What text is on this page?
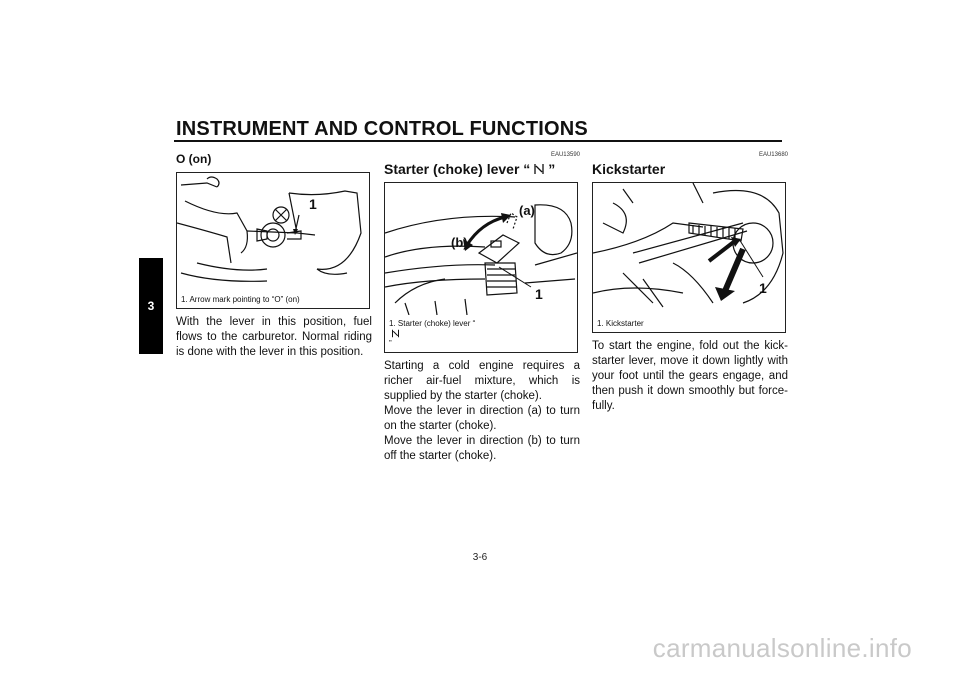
INSTRUMENT AND CONTROL FUNCTIONS
3
O (on)
1
1. Arrow mark pointing to “O” (on)
With the lever in this position, fuel flows to the carburetor. Normal riding is done with the lever in this position.
EAU13590
Starter (choke) lever “ ”
(a)
(b)
1
1. Starter (choke) lever “
”
Starting a cold engine requires a richer air-fuel mixture, which is supplied by the starter (choke).
Move the lever in direction (a) to turn on the starter (choke).
Move the lever in direction (b) to turn off the starter (choke).
EAU13680
Kickstarter
1
1. Kickstarter
To start the engine, fold out the kick-starter lever, move it down lightly with your foot until the gears engage, and then push it down smoothly but force-fully.
3-6
carmanualsonline.info
